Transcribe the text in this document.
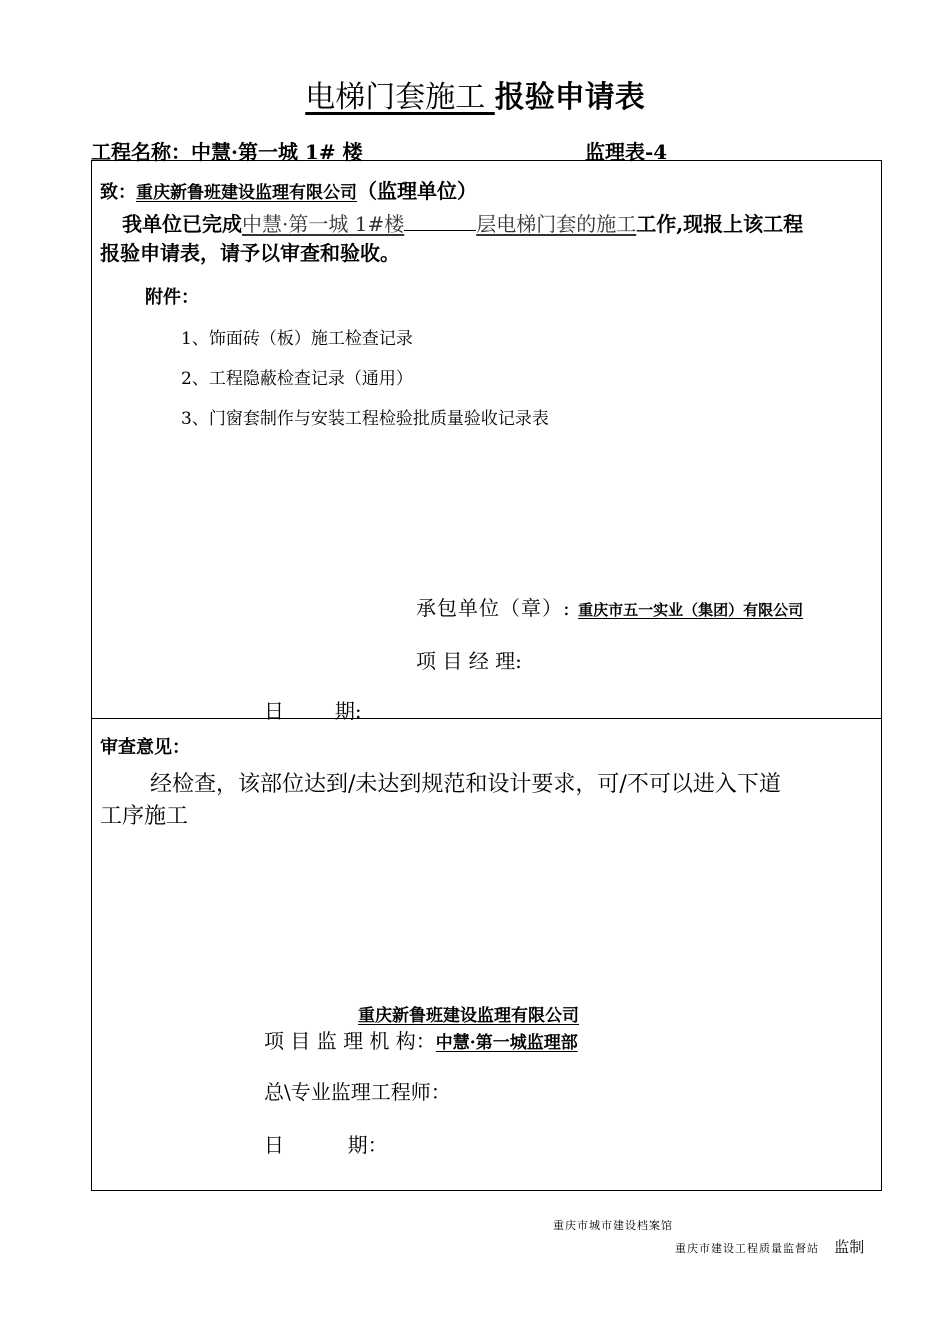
电梯门套施工 报验申请表
工程名称：中慧·第一城 1# 楼	监理表-4
致：重庆新鲁班建设监理有限公司（监理单位）
我单位已完成中慧·第一城 1#楼	层电梯门套的施工工作,现报上该工程
报验申请表，请予以审查和验收。
附件：
1、饰面砖（板）施工检查记录
2、工程隐蔽检查记录（通用）
3、门窗套制作与安装工程检验批质量验收记录表
承包单位（章）: 重庆市五一实业（集团）有限公司
项 目 经 理:
日        期:
审查意见：
经检查，该部位达到/未达到规范和设计要求，可/不可以进入下道
工序施工
重庆新鲁班建设监理有限公司
项 目 监 理 机 构：中慧·第一城监理部
总\专业监理工程师：
日          期：
重庆市城市建设档案馆
重庆市建设工程质量监督站 监制
